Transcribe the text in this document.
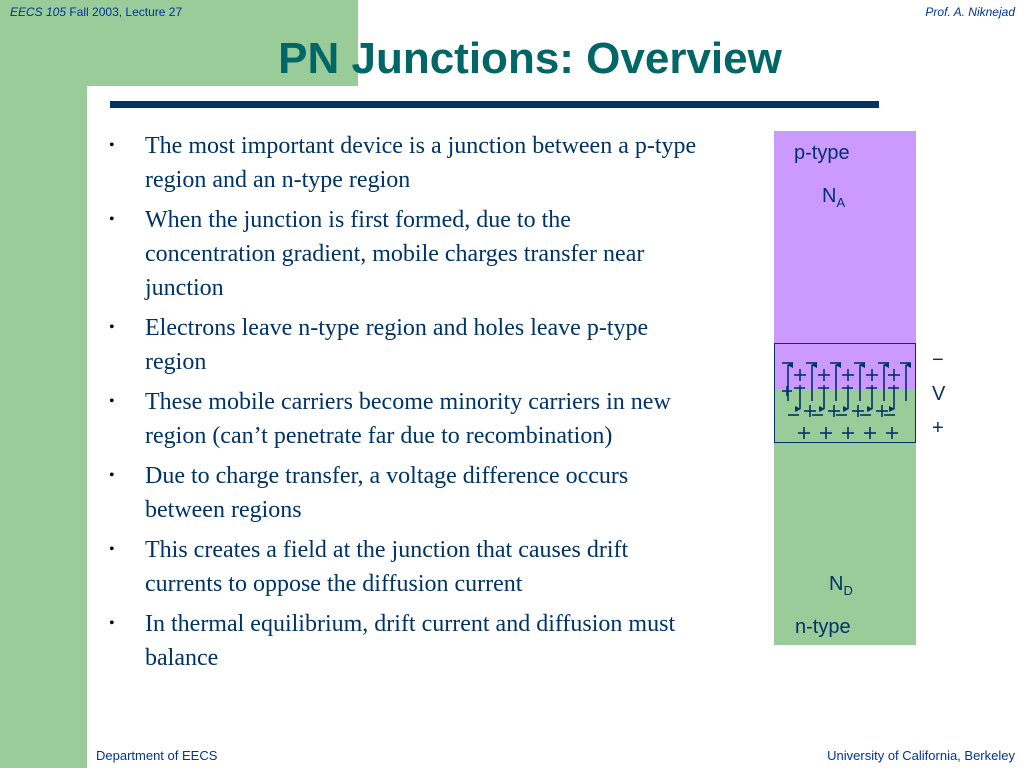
EECS 105 Fall 2003, Lecture 27	Prof. A. Niknejad
PN Junctions: Overview
• The most important device is a junction between a p-type region and an n-type region
• When the junction is first formed, due to the concentration gradient, mobile charges transfer near junction
• Electrons leave n-type region and holes leave p-type region
• These mobile carriers become minority carriers in new region (can’t penetrate far due to recombination)
• Due to charge transfer, a voltage difference occurs between regions
• This creates a field at the junction that causes drift currents to oppose the diffusion current
• In thermal equilibrium, drift current and diffusion must balance
p-type
$N_A$
$N_D$
n-type
−
V
+
Department of EECS	University of California, Berkeley
